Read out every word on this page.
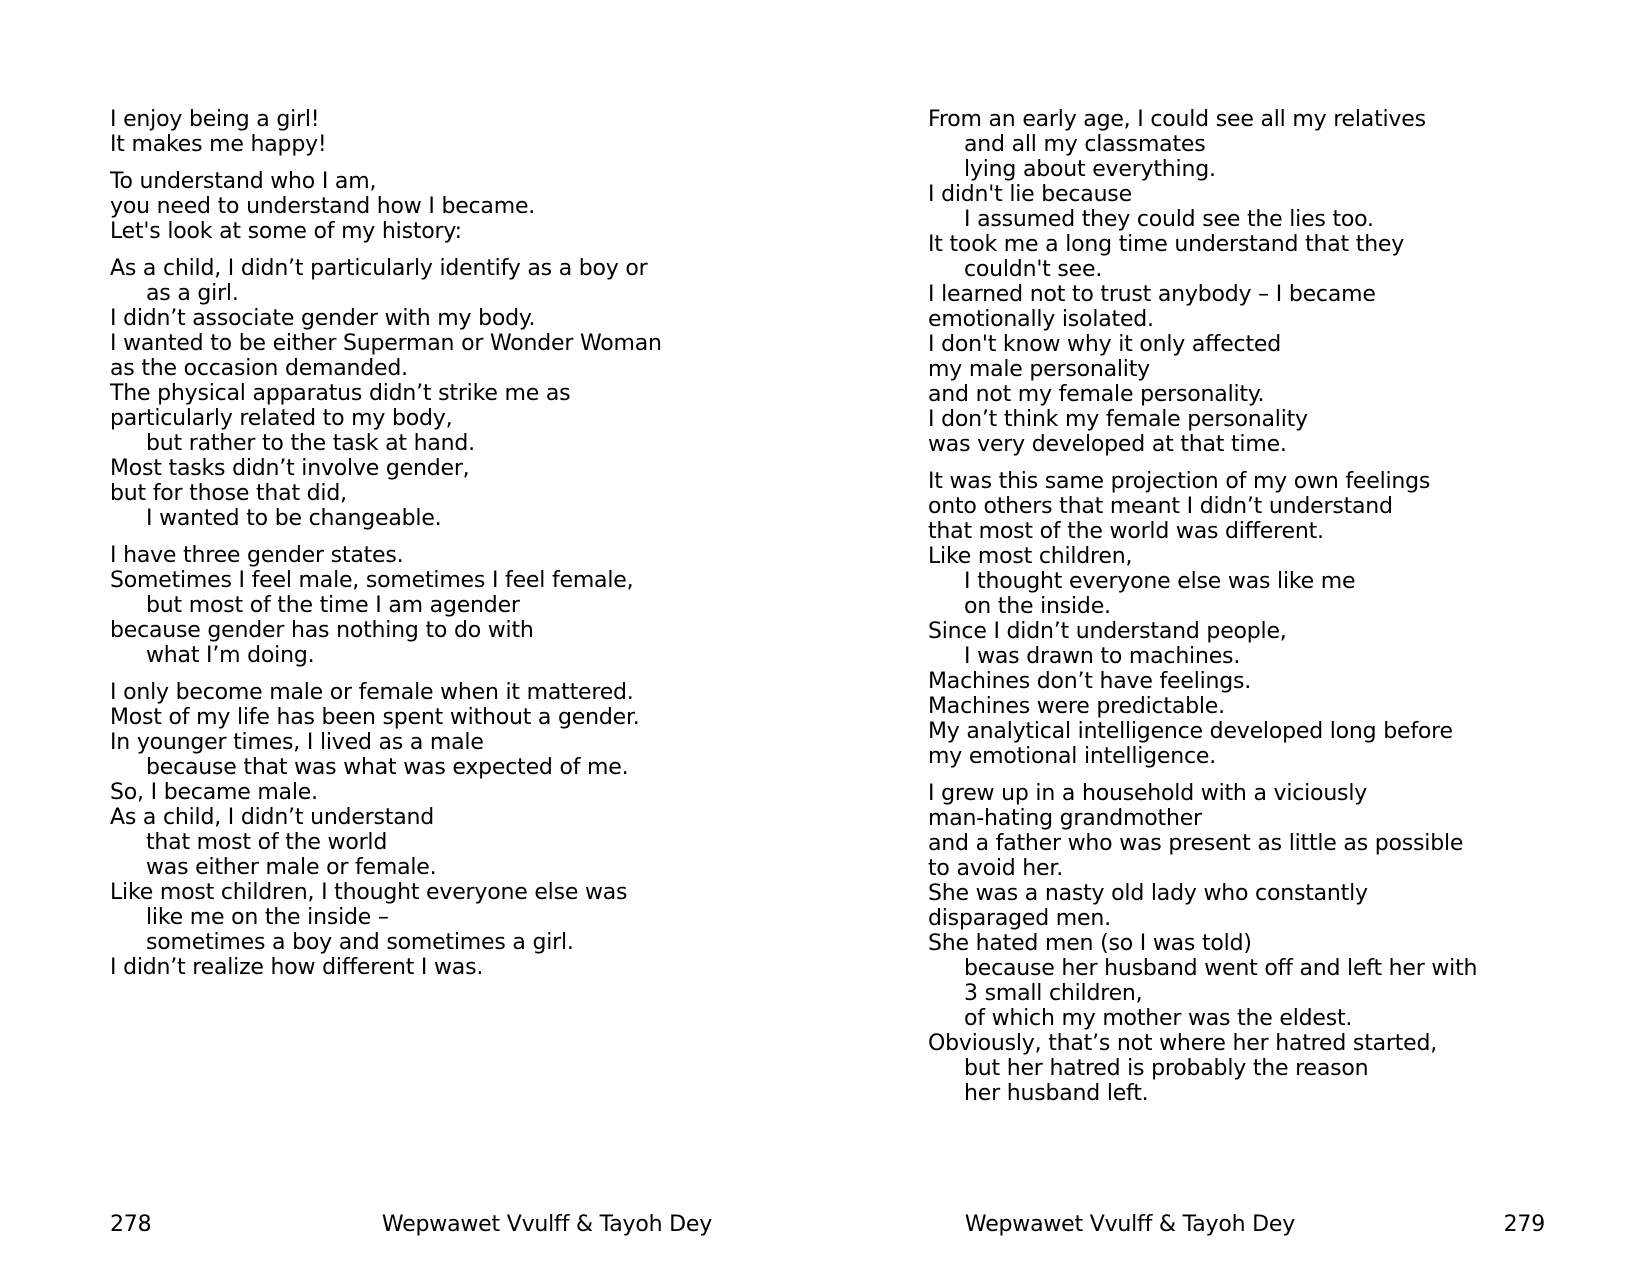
I enjoy being a girl!
It makes me happy!
To understand who I am,
you need to understand how I became.
Let's look at some of my history:
As a child, I didn’t particularly identify as a boy or
as a girl.
I didn’t associate gender with my body.
I wanted to be either Superman or Wonder Woman
as the occasion demanded.
The physical apparatus didn’t strike me as
particularly related to my body,
but rather to the task at hand.
Most tasks didn’t involve gender,
but for those that did,
I wanted to be changeable.
I have three gender states.
Sometimes I feel male, sometimes I feel female,
but most of the time I am agender
because gender has nothing to do with
what I’m doing.
I only become male or female when it mattered.
Most of my life has been spent without a gender.
In younger times, I lived as a male
because that was what was expected of me.
So, I became male.
As a child, I didn’t understand
that most of the world
was either male or female.
Like most children, I thought everyone else was
like me on the inside –
sometimes a boy and sometimes a girl.
I didn’t realize how different I was.
From an early age, I could see all my relatives
and all my classmates
lying about everything.
I didn't lie because
I assumed they could see the lies too.
It took me a long time understand that they
couldn't see.
I learned not to trust anybody – I became
emotionally isolated.
I don't know why it only affected
my male personality
and not my female personality.
I don’t think my female personality
was very developed at that time.
It was this same projection of my own feelings
onto others that meant I didn’t understand
that most of the world was different.
Like most children,
I thought everyone else was like me
on the inside.
Since I didn’t understand people,
I was drawn to machines.
Machines don’t have feelings.
Machines were predictable.
My analytical intelligence developed long before
my emotional intelligence.
I grew up in a household with a viciously
man-hating grandmother
and a father who was present as little as possible
to avoid her.
She was a nasty old lady who constantly
disparaged men.
She hated men (so I was told)
because her husband went off and left her with
3 small children,
of which my mother was the eldest.
Obviously, that’s not where her hatred started,
but her hatred is probably the reason
her husband left.
278	Wepwawet Vvulff & Tayoh Dey	Wepwawet Vvulff & Tayoh Dey	279
